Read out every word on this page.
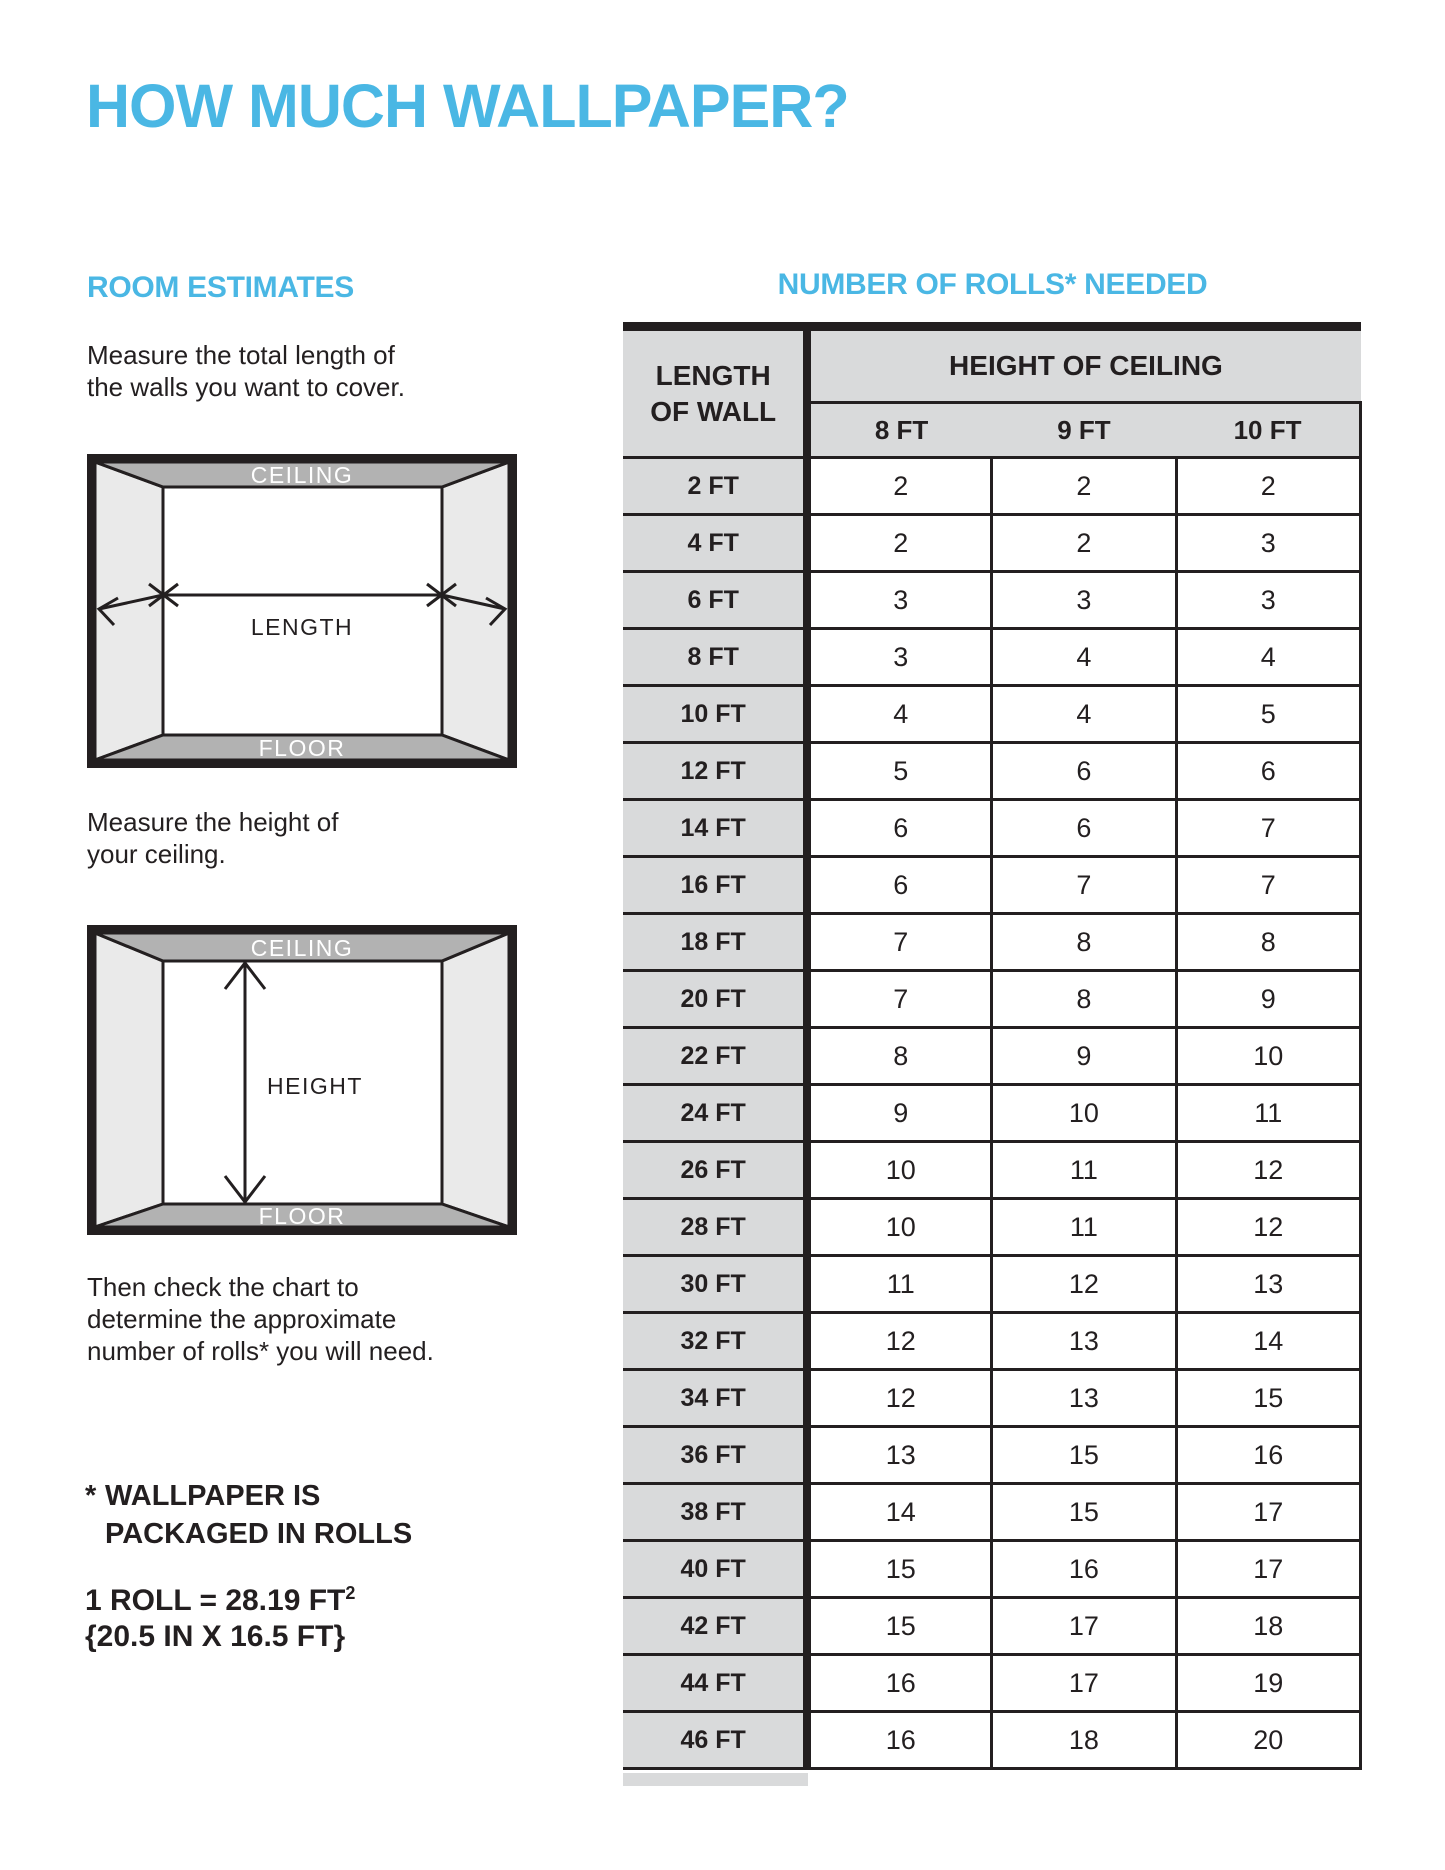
HOW MUCH WALLPAPER?
ROOM ESTIMATES
Measure the total length of
the walls you want to cover.
CEILING
LENGTH
FLOOR
Measure the height of
your ceiling.
CEILING
HEIGHT
FLOOR
Then check the chart to
determine the approximate
number of rolls* you will need.
* WALLPAPER IS
PACKAGED IN ROLLS
1 ROLL = 28.19 $FT^2$
{20.5 IN X 16.5 FT}
NUMBER OF ROLLS* NEEDED
LENGTH
OF WALL	HEIGHT OF CEILING		
	8 FT	9 FT	10 FT
2 FT	2	2	2
4 FT	2	2	3
6 FT	3	3	3
8 FT	3	4	4
10 FT	4	4	5
12 FT	5	6	6
14 FT	6	6	7
16 FT	6	7	7
18 FT	7	8	8
20 FT	7	8	9
22 FT	8	9	10
24 FT	9	10	11
26 FT	10	11	12
28 FT	10	11	12
30 FT	11	12	13
32 FT	12	13	14
34 FT	12	13	15
36 FT	13	15	16
38 FT	14	15	17
40 FT	15	16	17
42 FT	15	17	18
44 FT	16	17	19
46 FT	16	18	20
